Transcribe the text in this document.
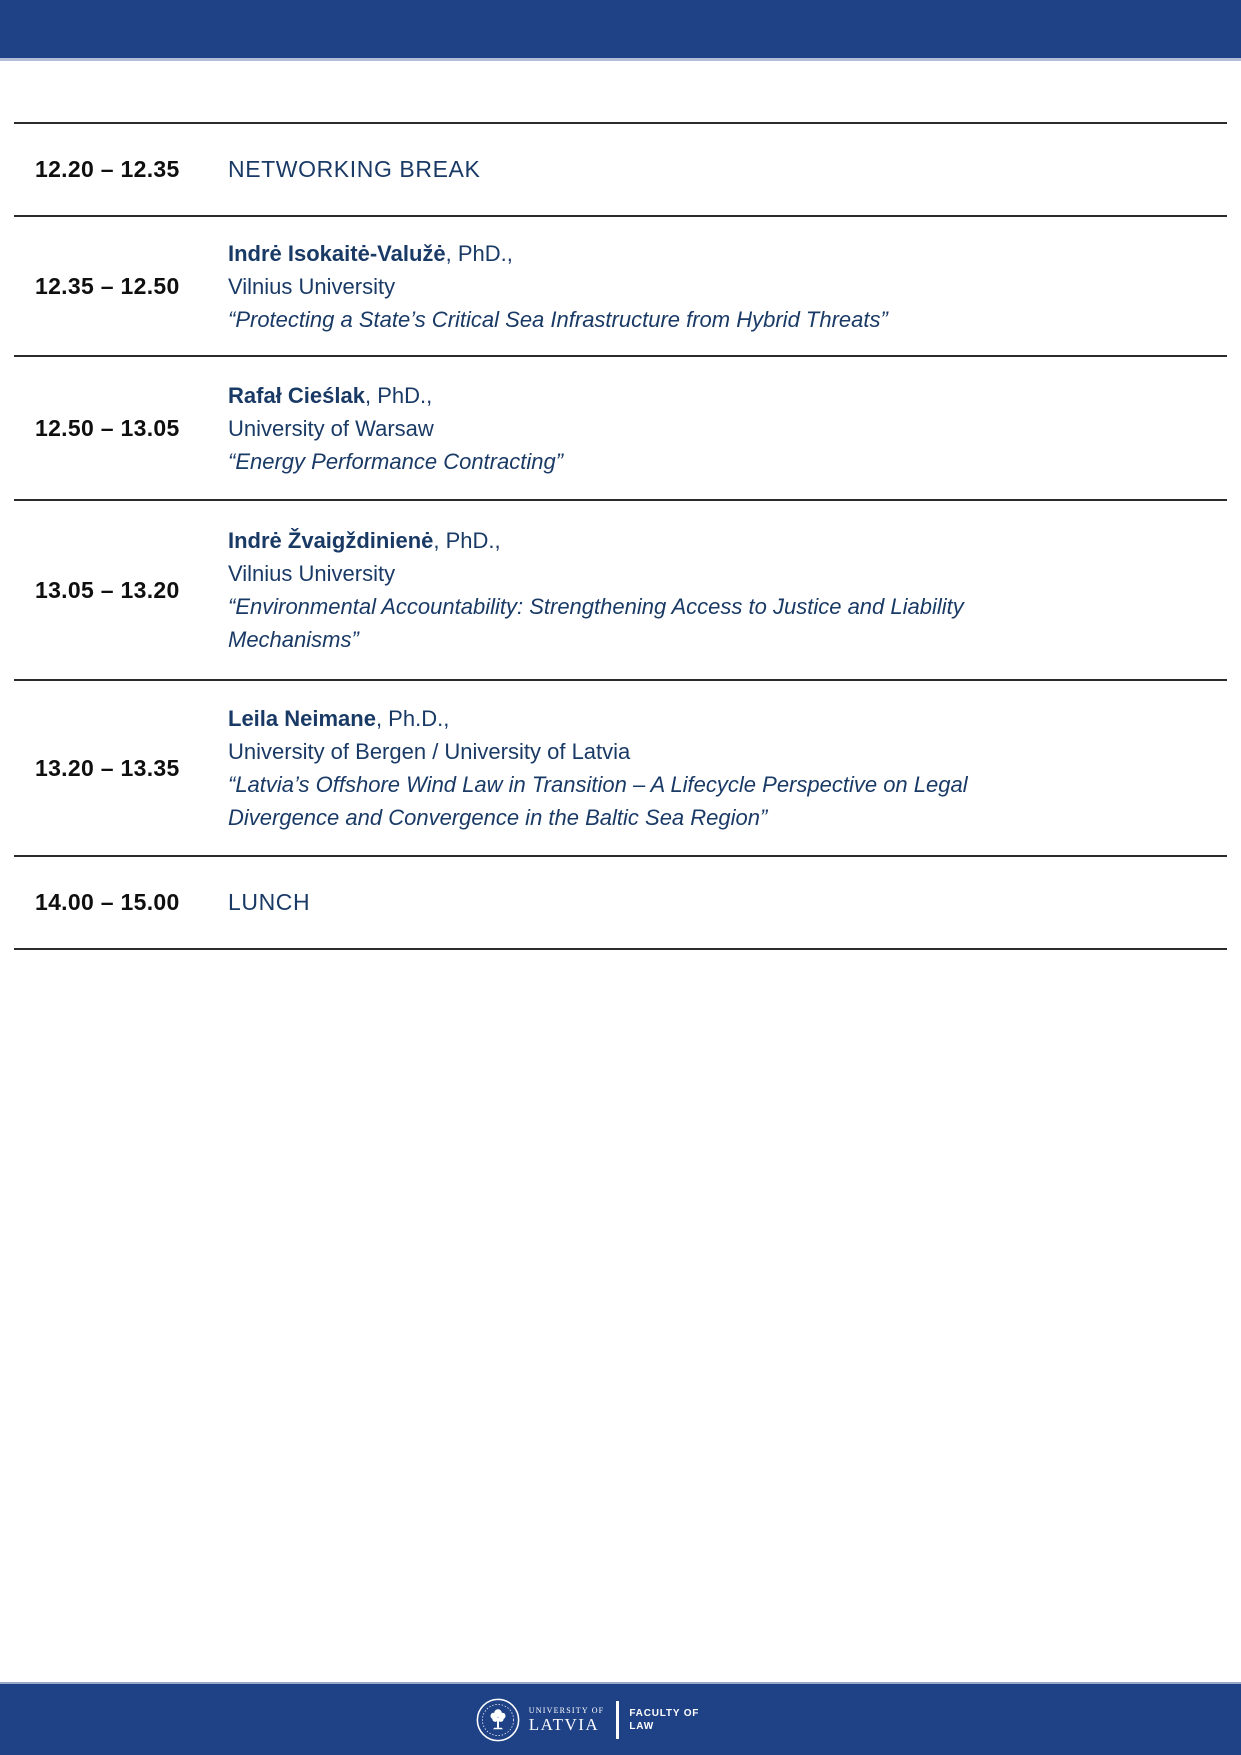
12.20 – 12.35	NETWORKING BREAK
12.35 – 12.50
Indrė Isokaitė-Valužė, PhD.,
Vilnius University
“Protecting a State’s Critical Sea Infrastructure from Hybrid Threats”
12.50 – 13.05
Rafał Cieślak, PhD.,
University of Warsaw
“Energy Performance Contracting”
13.05 – 13.20
Indrė Žvaigždinienė, PhD.,
Vilnius University
“Environmental Accountability: Strengthening Access to Justice and Liability Mechanisms”
13.20 – 13.35
Leila Neimane, Ph.D.,
University of Bergen / University of Latvia
“Latvia’s Offshore Wind Law in Transition – A Lifecycle Perspective on Legal Divergence and Convergence in the Baltic Sea Region”
14.00 – 15.00	LUNCH
UNIVERSITY OF
LATVIA
FACULTY OF
LAW
